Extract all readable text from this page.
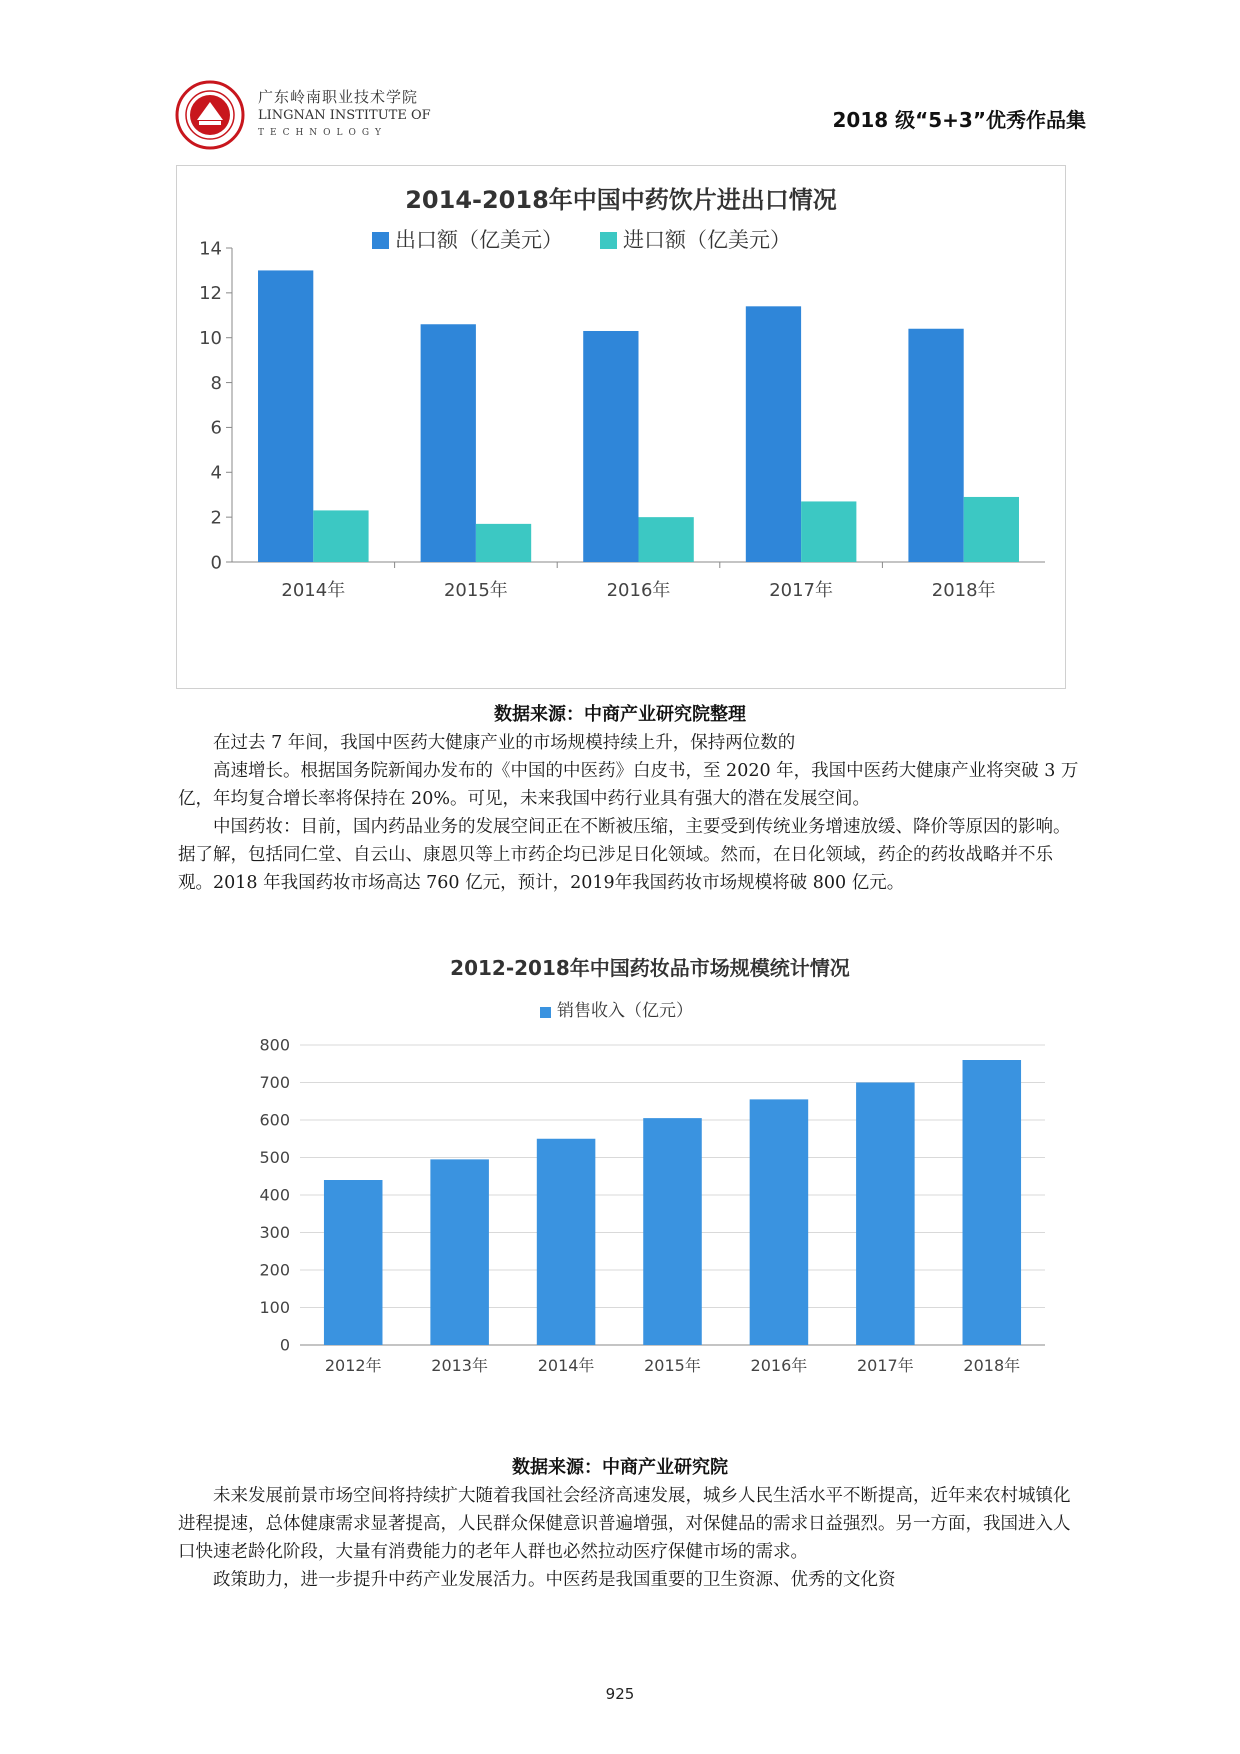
广东岭南职业技术学院
LINGNAN INSTITUTE OF
TECHNOLOGY
2018 级“5+3”优秀作品集
2014-2018年中国中药饮片进出口情况
出口额（亿美元）	进口额（亿美元）
0
2
4
6
8
10
12
14
2014年	2015年	2016年	2017年	2018年
数据来源：中商产业研究院整理

在过去 7 年间，我国中医药大健康产业的市场规模持续上升，保持两位数的

高速增长。根据国务院新闻办发布的《中国的中医药》白皮书，至 2020 年，我国中医药大健康产业将突破 3 万亿，年均复合增长率将保持在 20%。可见，未来我国中药行业具有强大的潜在发展空间。

中国药妆：目前，国内药品业务的发展空间正在不断被压缩，主要受到传统业务增速放缓、降价等原因的影响。据了解，包括同仁堂、自云山、康恩贝等上市药企均已涉足日化领域。然而，在日化领域，药企的药妆战略并不乐观。2018 年我国药妆市场高达 760 亿元，预计，2019年我国药妆市场规模将破 800 亿元。

2012-2018年中国药妆品市场规模统计情况
销售收入（亿元）
0
100
200
300
400
500
600
700
800
2012年	2013年	2014年	2015年	2016年	2017年	2018年
数据来源：中商产业研究院

未来发展前景市场空间将持续扩大随着我国社会经济高速发展，城乡人民生活水平不断提高，近年来农村城镇化进程提速，总体健康需求显著提高，人民群众保健意识普遍增强，对保健品的需求日益强烈。另一方面，我国进入人口快速老龄化阶段，大量有消费能力的老年人群也必然拉动医疗保健市场的需求。

政策助力，进一步提升中药产业发展活力。中医药是我国重要的卫生资源、优秀的文化资

925
